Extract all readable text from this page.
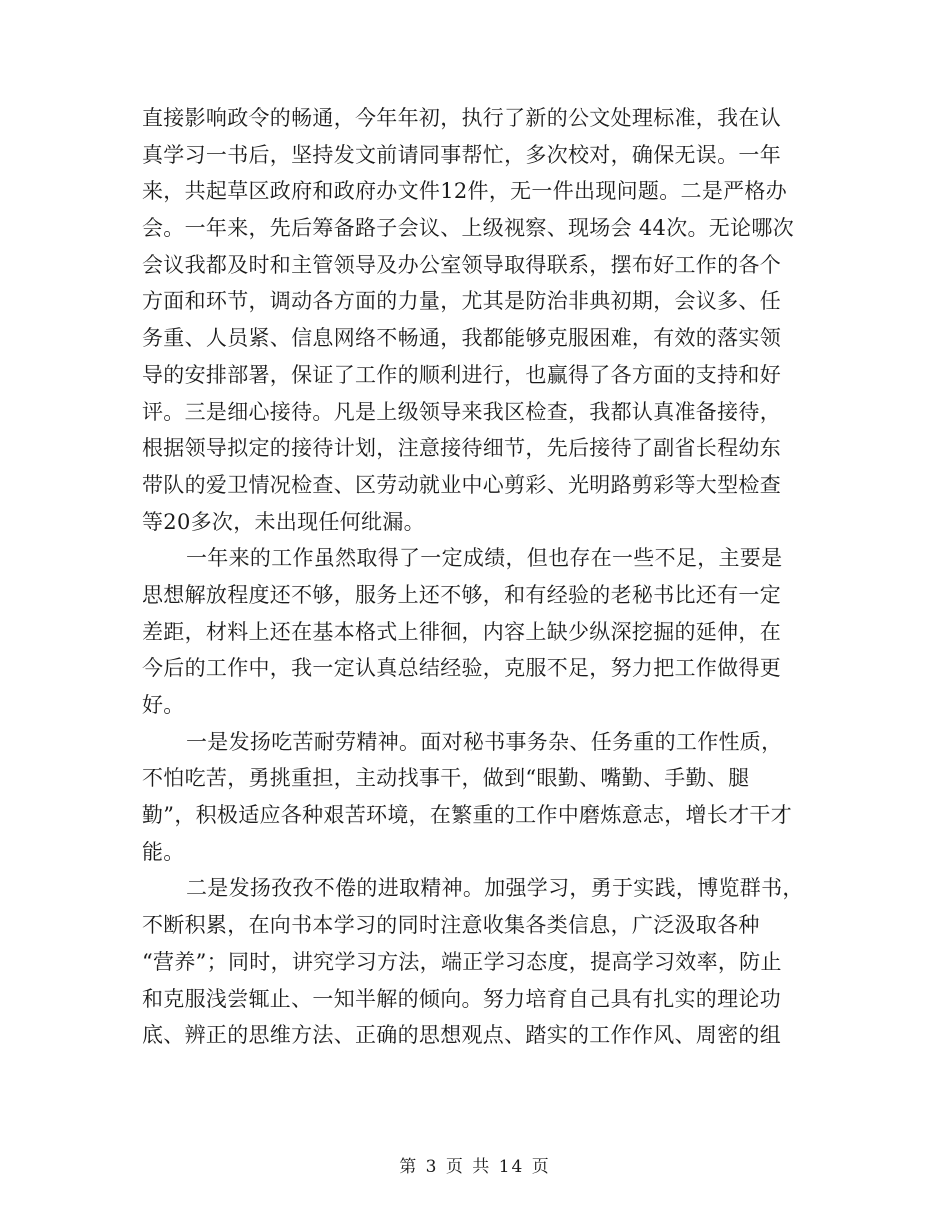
直接影响政令的畅通，今年年初，执行了新的公文处理标准，我在认
真学习一书后，坚持发文前请同事帮忙，多次校对，确保无误。一年
来，共起草区政府和政府办文件12件，无一件出现问题。二是严格办
会。一年来，先后筹备路子会议、上级视察、现场会 44次。无论哪次
会议我都及时和主管领导及办公室领导取得联系，摆布好工作的各个
方面和环节，调动各方面的力量，尤其是防治非典初期，会议多、任
务重、人员紧、信息网络不畅通，我都能够克服困难，有效的落实领
导的安排部署，保证了工作的顺利进行，也赢得了各方面的支持和好
评。三是细心接待。凡是上级领导来我区检查，我都认真准备接待，
根据领导拟定的接待计划，注意接待细节，先后接待了副省长程幼东
带队的爱卫情况检查、区劳动就业中心剪彩、光明路剪彩等大型检查
等20多次，未出现任何纰漏。
一年来的工作虽然取得了一定成绩，但也存在一些不足，主要是
思想解放程度还不够，服务上还不够，和有经验的老秘书比还有一定
差距，材料上还在基本格式上徘徊，内容上缺少纵深挖掘的延伸，在
今后的工作中，我一定认真总结经验，克服不足，努力把工作做得更
好。
一是发扬吃苦耐劳精神。面对秘书事务杂、任务重的工作性质，
不怕吃苦，勇挑重担，主动找事干，做到“眼勤、嘴勤、手勤、腿
勤”，积极适应各种艰苦环境，在繁重的工作中磨炼意志，增长才干才
能。
二是发扬孜孜不倦的进取精神。加强学习，勇于实践，博览群书，
不断积累，在向书本学习的同时注意收集各类信息，广泛汲取各种
“营养”；同时，讲究学习方法，端正学习态度，提高学习效率，防止
和克服浅尝辄止、一知半解的倾向。努力培育自己具有扎实的理论功
底、辨正的思维方法、正确的思想观点、踏实的工作作风、周密的组
第 3 页 共 14 页
